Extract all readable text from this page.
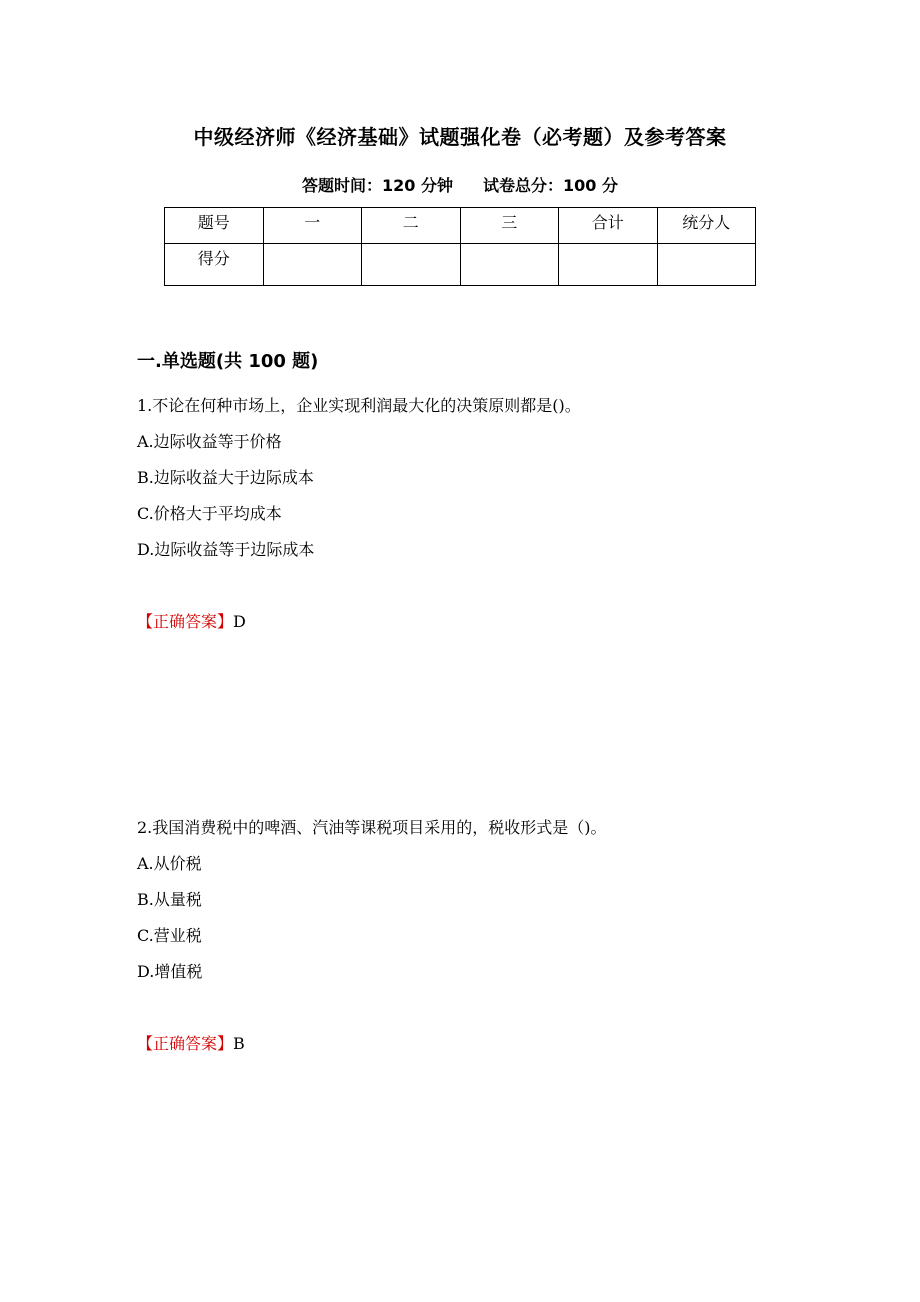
中级经济师《经济基础》试题强化卷（必考题）及参考答案
答题时间：120 分钟 试卷总分：100 分
题号	一	二	三	合计	统分人
得分					
一.单选题(共 100 题)
1.不论在何种市场上，企业实现利润最大化的决策原则都是()。
A.边际收益等于价格
B.边际收益大于边际成本
C.价格大于平均成本
D.边际收益等于边际成本
【正确答案】D
2.我国消费税中的啤酒、汽油等课税项目采用的，税收形式是（)。
A.从价税
B.从量税
C.营业税
D.增值税
【正确答案】B
